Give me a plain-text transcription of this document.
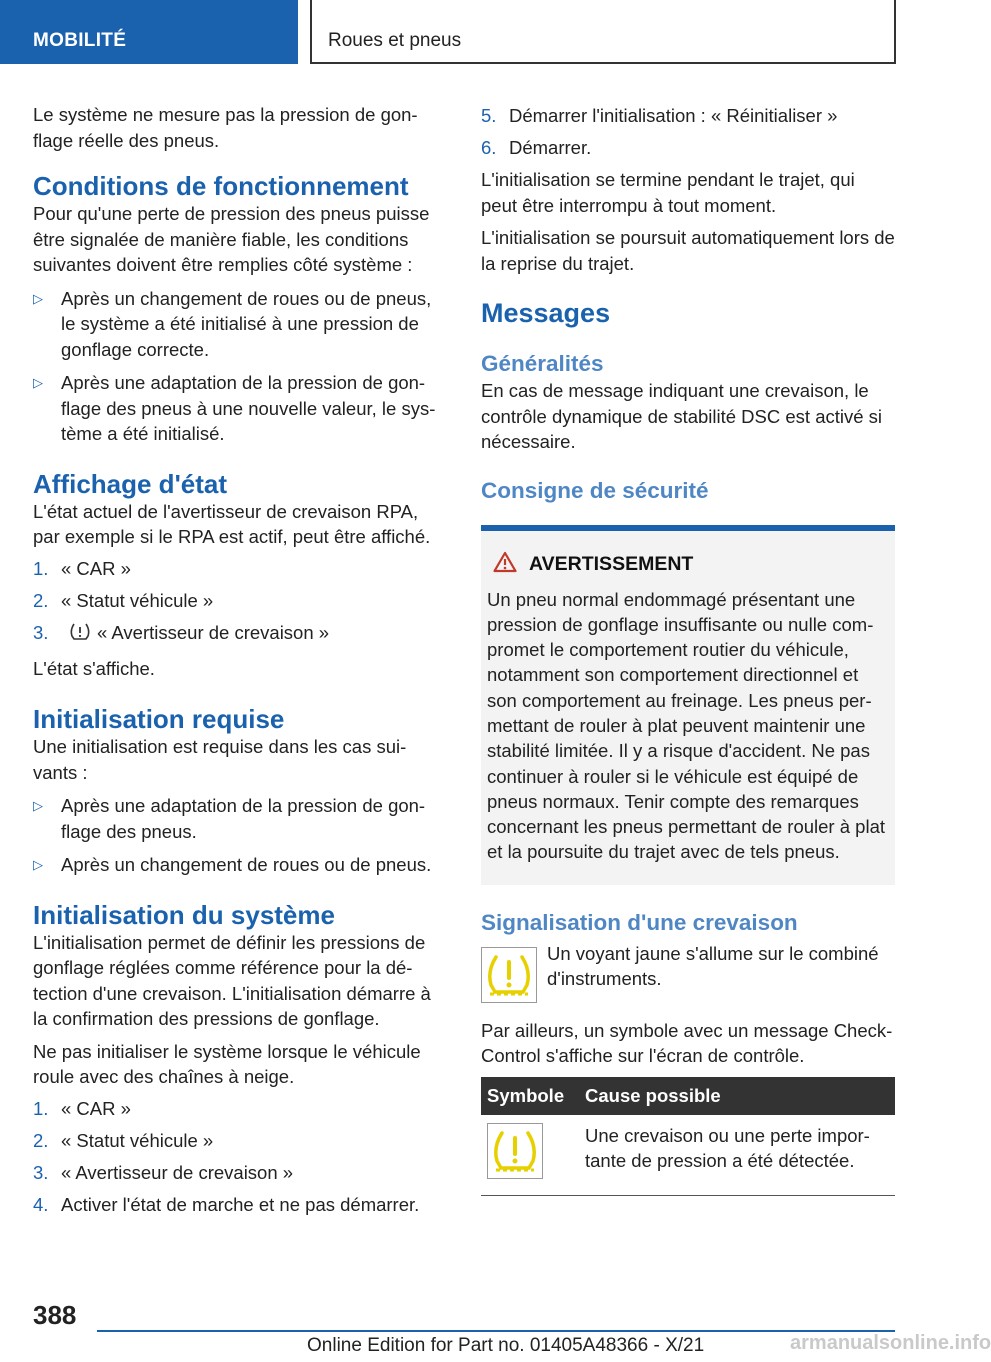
MOBILITÉ	Roues et pneus

Le système ne mesure pas la pression de gon‐flage réelle des pneus.

Conditions de fonctionnement

Pour qu'une perte de pression des pneus puisse être signalée de manière fiable, les conditions suivantes doivent être remplies côté système :

▷ Après un changement de roues ou de pneus, le système a été initialisé à une pression de gonflage correcte.
▷ Après une adaptation de la pression de gon‐flage des pneus à une nouvelle valeur, le sys‐tème a été initialisé.
Affichage d'état

L'état actuel de l'avertisseur de crevaison RPA, par exemple si le RPA est actif, peut être affiché.

1. « CAR »
2. « Statut véhicule »
3.	« Avertisseur de crevaison »

L'état s'affiche.

Initialisation requise

Une initialisation est requise dans les cas sui‐vants :

▷ Après une adaptation de la pression de gon‐flage des pneus.
▷ Après un changement de roues ou de pneus.
Initialisation du système

L'initialisation permet de définir les pressions de gonflage réglées comme référence pour la dé‐tection d'une crevaison. L'initialisation démarre à la confirmation des pressions de gonflage.

Ne pas initialiser le système lorsque le véhicule roule avec des chaînes à neige.

1. « CAR »
2. « Statut véhicule »
3. « Avertisseur de crevaison »
4. Activer l'état de marche et ne pas démarrer.
5. Démarrer l'initialisation : « Réinitialiser »
6. Démarrer.

L'initialisation se termine pendant le trajet, qui peut être interrompu à tout moment.

L'initialisation se poursuit automatiquement lors de la reprise du trajet.

Messages
Généralités

En cas de message indiquant une crevaison, le contrôle dynamique de stabilité DSC est activé si nécessaire.

Consigne de sécurité
AVERTISSEMENT

Un pneu normal endommagé présentant une pression de gonflage insuffisante ou nulle com‐promet le comportement routier du véhicule, notamment son comportement directionnel et son comportement au freinage. Les pneus per‐mettant de rouler à plat peuvent maintenir une stabilité limitée. Il y a risque d'accident. Ne pas continuer à rouler si le véhicule est équipé de pneus normaux. Tenir compte des remarques concernant les pneus permettant de rouler à plat et la poursuite du trajet avec de tels pneus.

Signalisation d'une crevaison

Un voyant jaune s'allume sur le combiné d'instruments.

Par ailleurs, un symbole avec un message Check-Control s'affiche sur l'écran de contrôle.

Symbole	Cause possible

	Une crevaison ou une perte impor‐tante de pression a été détectée.
388
Online Edition for Part no. 01405A48366 - X/21	armanualsonline.info
